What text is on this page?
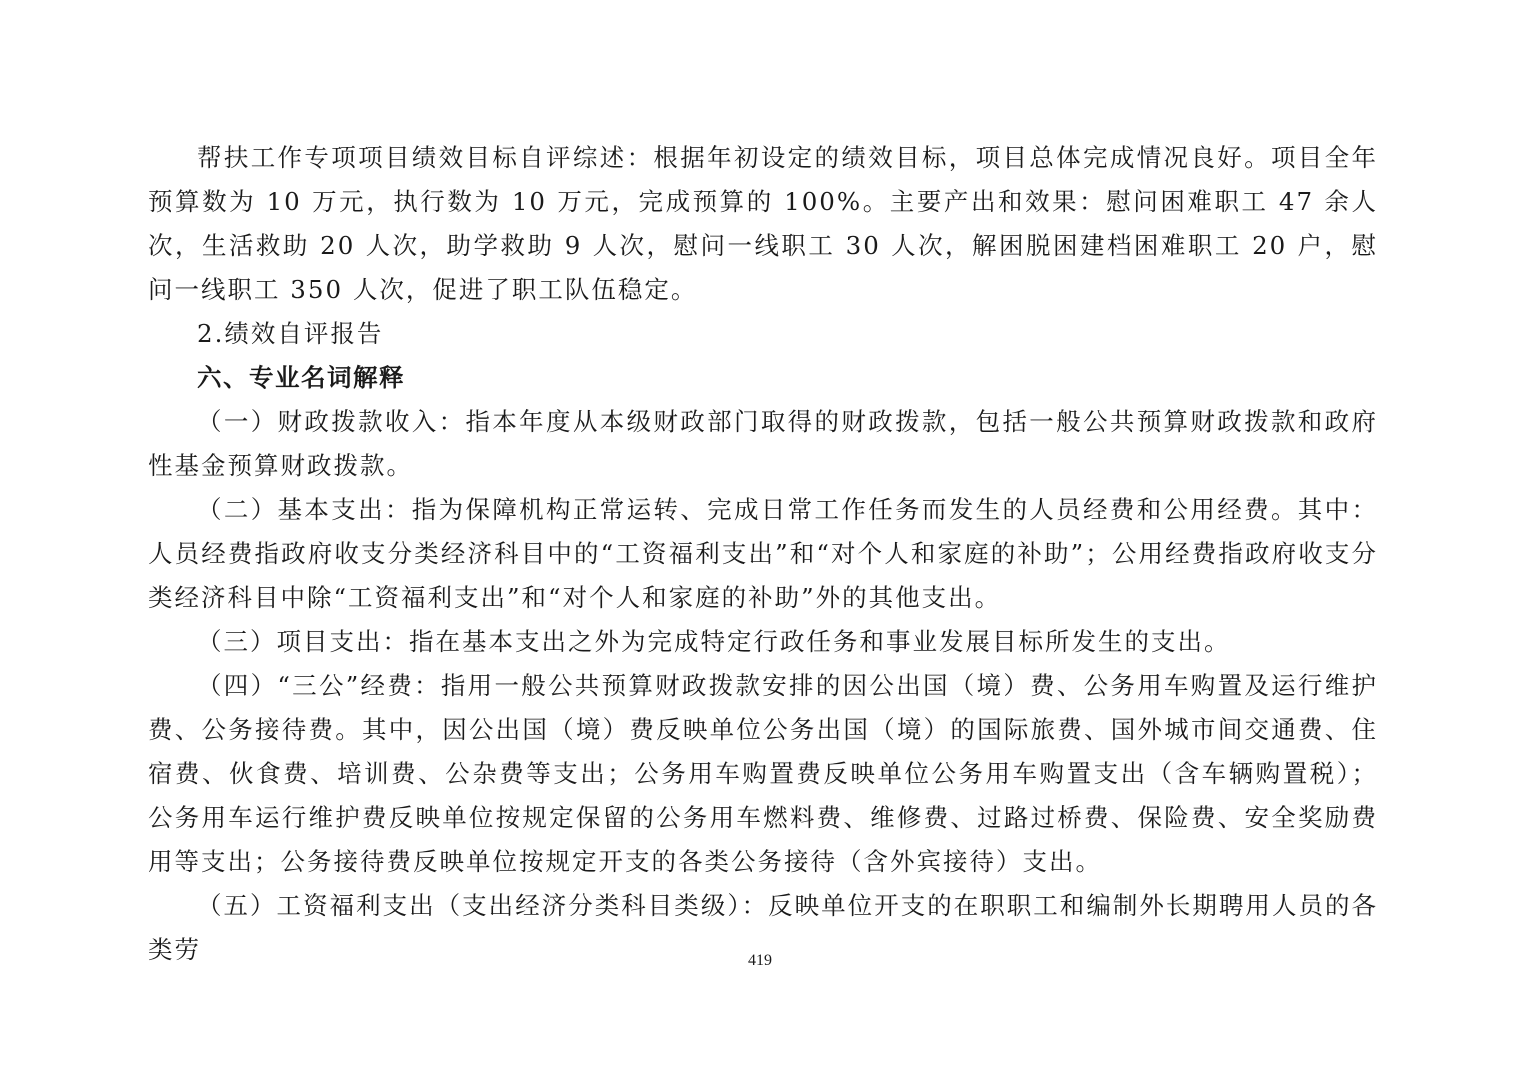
帮扶工作专项项目绩效目标自评综述：根据年初设定的绩效目标，项目总体完成情况良好。项目全年预算数为 10 万元，执行数为 10 万元，完成预算的 100%。主要产出和效果：慰问困难职工 47 余人次，生活救助 20 人次，助学救助 9 人次，慰问一线职工 30 人次，解困脱困建档困难职工 20 户，慰问一线职工 350 人次，促进了职工队伍稳定。

2.绩效自评报告

六、专业名词解释

（一）财政拨款收入：指本年度从本级财政部门取得的财政拨款，包括一般公共预算财政拨款和政府性基金预算财政拨款。

（二）基本支出：指为保障机构正常运转、完成日常工作任务而发生的人员经费和公用经费。其中：人员经费指政府收支分类经济科目中的“工资福利支出”和“对个人和家庭的补助”；公用经费指政府收支分类经济科目中除“工资福利支出”和“对个人和家庭的补助”外的其他支出。

（三）项目支出：指在基本支出之外为完成特定行政任务和事业发展目标所发生的支出。

（四）“三公”经费：指用一般公共预算财政拨款安排的因公出国（境）费、公务用车购置及运行维护费、公务接待费。其中，因公出国（境）费反映单位公务出国（境）的国际旅费、国外城市间交通费、住宿费、伙食费、培训费、公杂费等支出；公务用车购置费反映单位公务用车购置支出（含车辆购置税）；公务用车运行维护费反映单位按规定保留的公务用车燃料费、维修费、过路过桥费、保险费、安全奖励费用等支出；公务接待费反映单位按规定开支的各类公务接待（含外宾接待）支出。

（五）工资福利支出（支出经济分类科目类级）：反映单位开支的在职职工和编制外长期聘用人员的各类劳	419
